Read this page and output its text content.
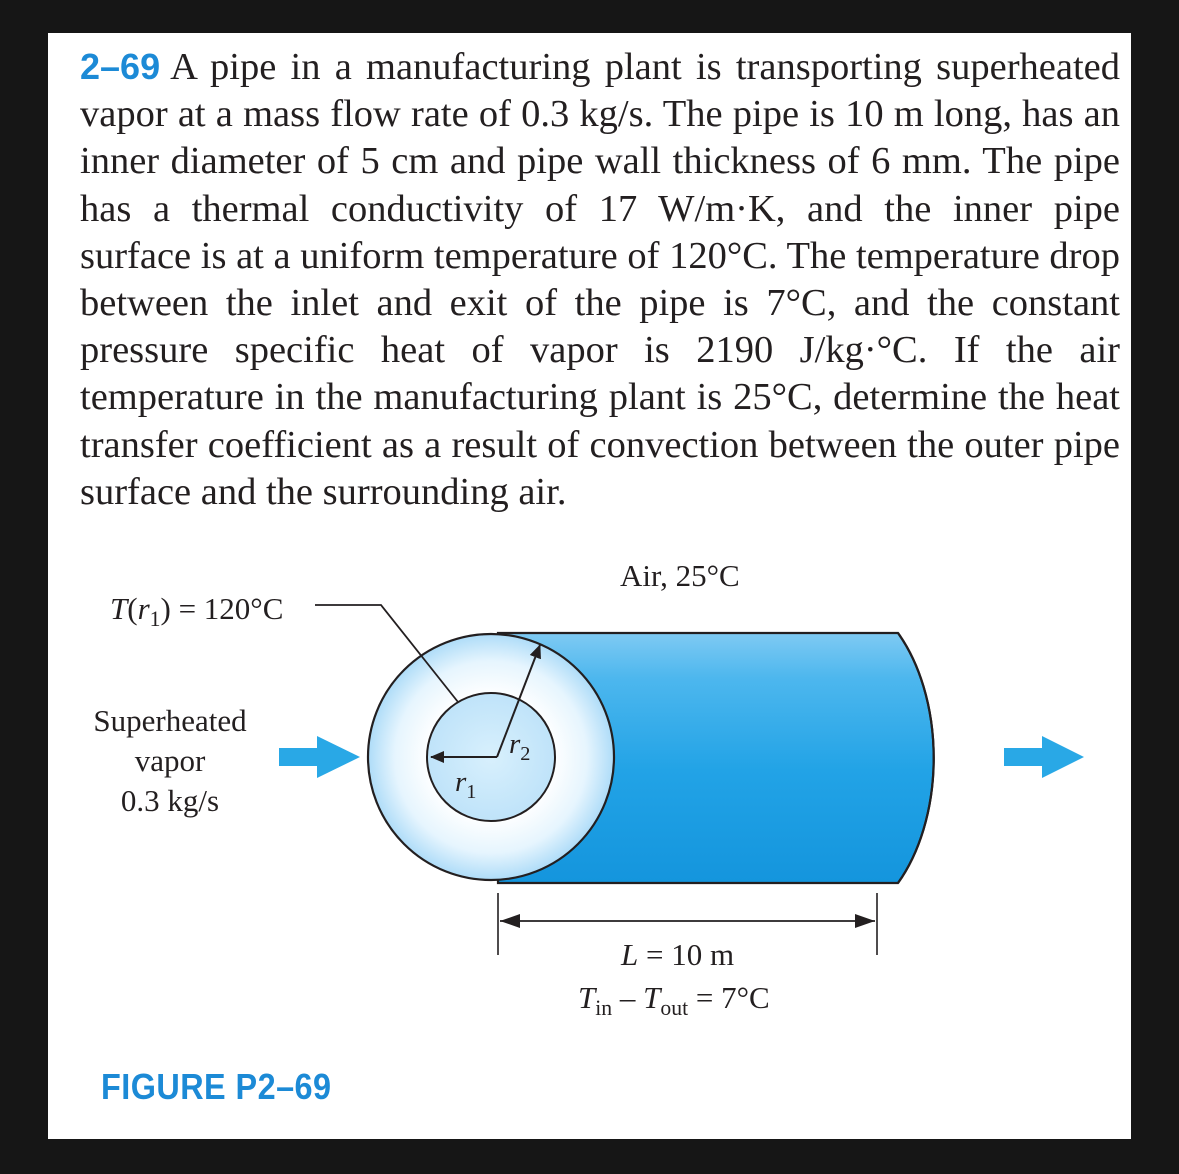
2–69 A pipe in a manufacturing plant is transporting superheated vapor at a mass flow rate of 0.3 kg/s. The pipe is 10 m long, has an inner diameter of 5 cm and pipe wall thickness of 6 mm. The pipe has a thermal conductivity of 17 W/m·K, and the inner pipe surface is at a uniform temperature of 120°C. The temperature drop between the inlet and exit of the pipe is 7°C, and the constant pressure specific heat of vapor is 2190 J/kg·°C. If the air temperature in the manufacturing plant is 25°C, determine the heat transfer coefficient as a result of convection between the outer pipe surface and the surrounding air.
Air, 25°C
$T(r_1) = 120^\circ C$
Superheated
vapor
0.3 kg/s
$r_2$
$r_1$
L = 10 m
$T_{in} - T_{out} = 7^\circ C$
FIGURE P2–69
